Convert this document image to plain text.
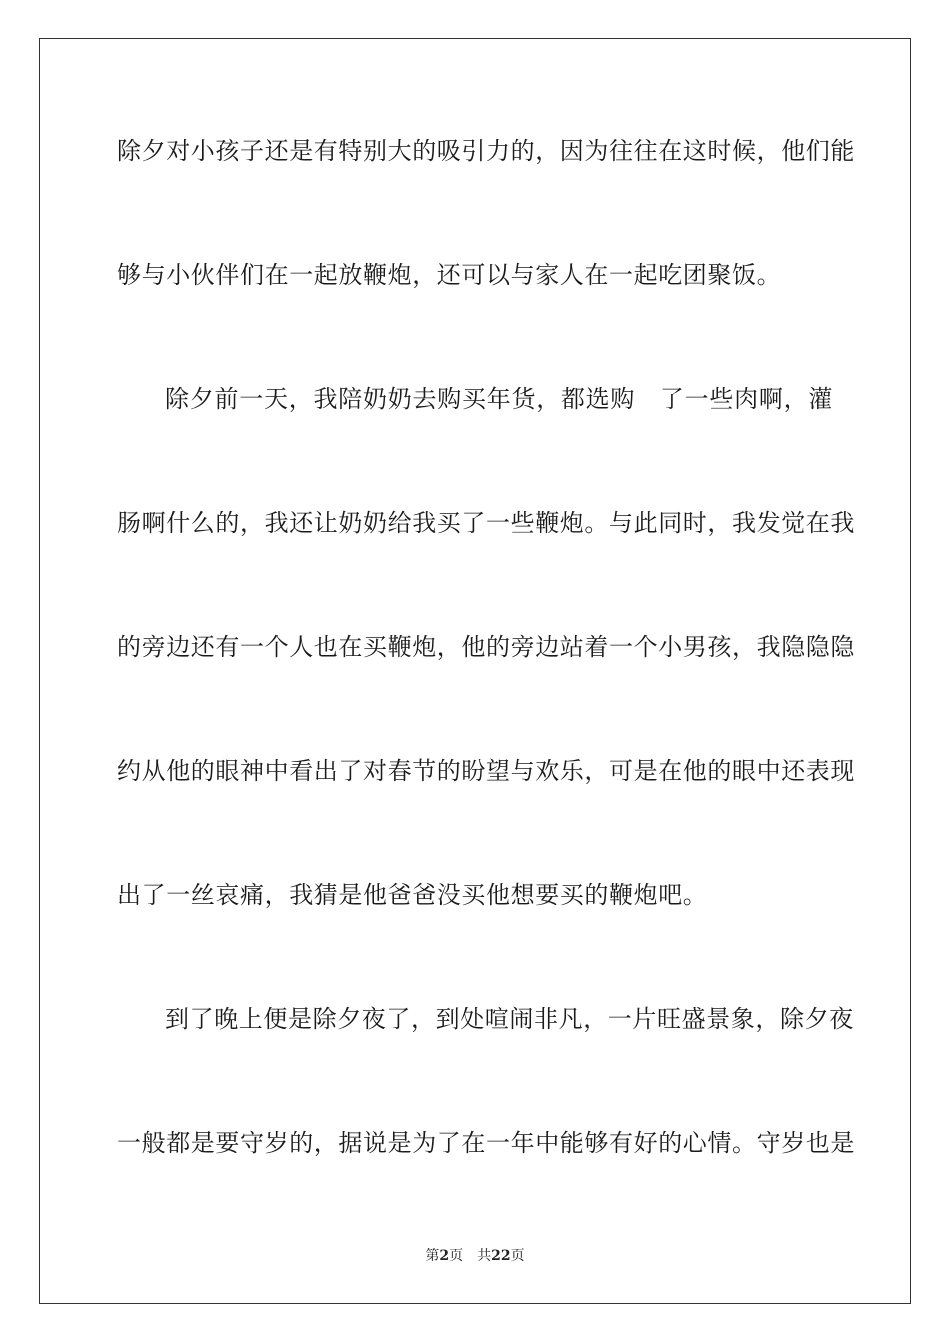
除夕对小孩子还是有特别大的吸引力的，因为往往在这时候，他们能
够与小伙伴们在一起放鞭炮，还可以与家人在一起吃团聚饭。
除夕前一天，我陪奶奶去购买年货，都选购　了一些肉啊，灌
肠啊什么的，我还让奶奶给我买了一些鞭炮。与此同时，我发觉在我
的旁边还有一个人也在买鞭炮，他的旁边站着一个小男孩，我隐隐隐
约从他的眼神中看出了对春节的盼望与欢乐，可是在他的眼中还表现
出了一丝哀痛，我猜是他爸爸没买他想要买的鞭炮吧。
到了晚上便是除夕夜了，到处喧闹非凡，一片旺盛景象，除夕夜
一般都是要守岁的，据说是为了在一年中能够有好的心情。守岁也是
第2页 共22页
